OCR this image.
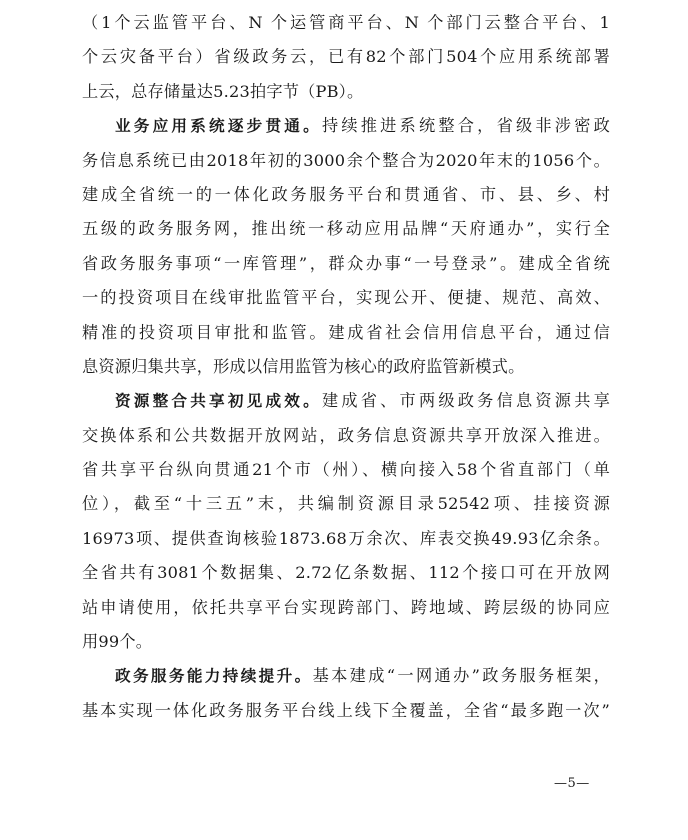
（1个云监管平台、N 个运管商平台、N 个部门云整合平台、1
个云灾备平台）省级政务云，已有82个部门504个应用系统部署
上云，总存储量达5.23拍字节（PB）。
业务应用系统逐步贯通。持续推进系统整合，省级非涉密政
务信息系统已由2018年初的3000余个整合为2020年末的1056个。
建成全省统一的一体化政务服务平台和贯通省、市、县、乡、村
五级的政务服务网，推出统一移动应用品牌“天府通办”，实行全
省政务服务事项“一库管理”，群众办事“一号登录”。建成全省统
一的投资项目在线审批监管平台，实现公开、便捷、规范、高效、
精准的投资项目审批和监管。建成省社会信用信息平台，通过信
息资源归集共享，形成以信用监管为核心的政府监管新模式。
资源整合共享初见成效。建成省、市两级政务信息资源共享
交换体系和公共数据开放网站，政务信息资源共享开放深入推进。
省共享平台纵向贯通21个市（州）、横向接入58个省直部门（单
位），截至“十三五”末，共编制资源目录52542项、挂接资源
16973项、提供查询核验1873.68万余次、库表交换49.93亿余条。
全省共有3081个数据集、2.72亿条数据、112个接口可在开放网
站申请使用，依托共享平台实现跨部门、跨地域、跨层级的协同应
用99个。
政务服务能力持续提升。基本建成“一网通办”政务服务框架，
基本实现一体化政务服务平台线上线下全覆盖，全省“最多跑一次”
—5—
